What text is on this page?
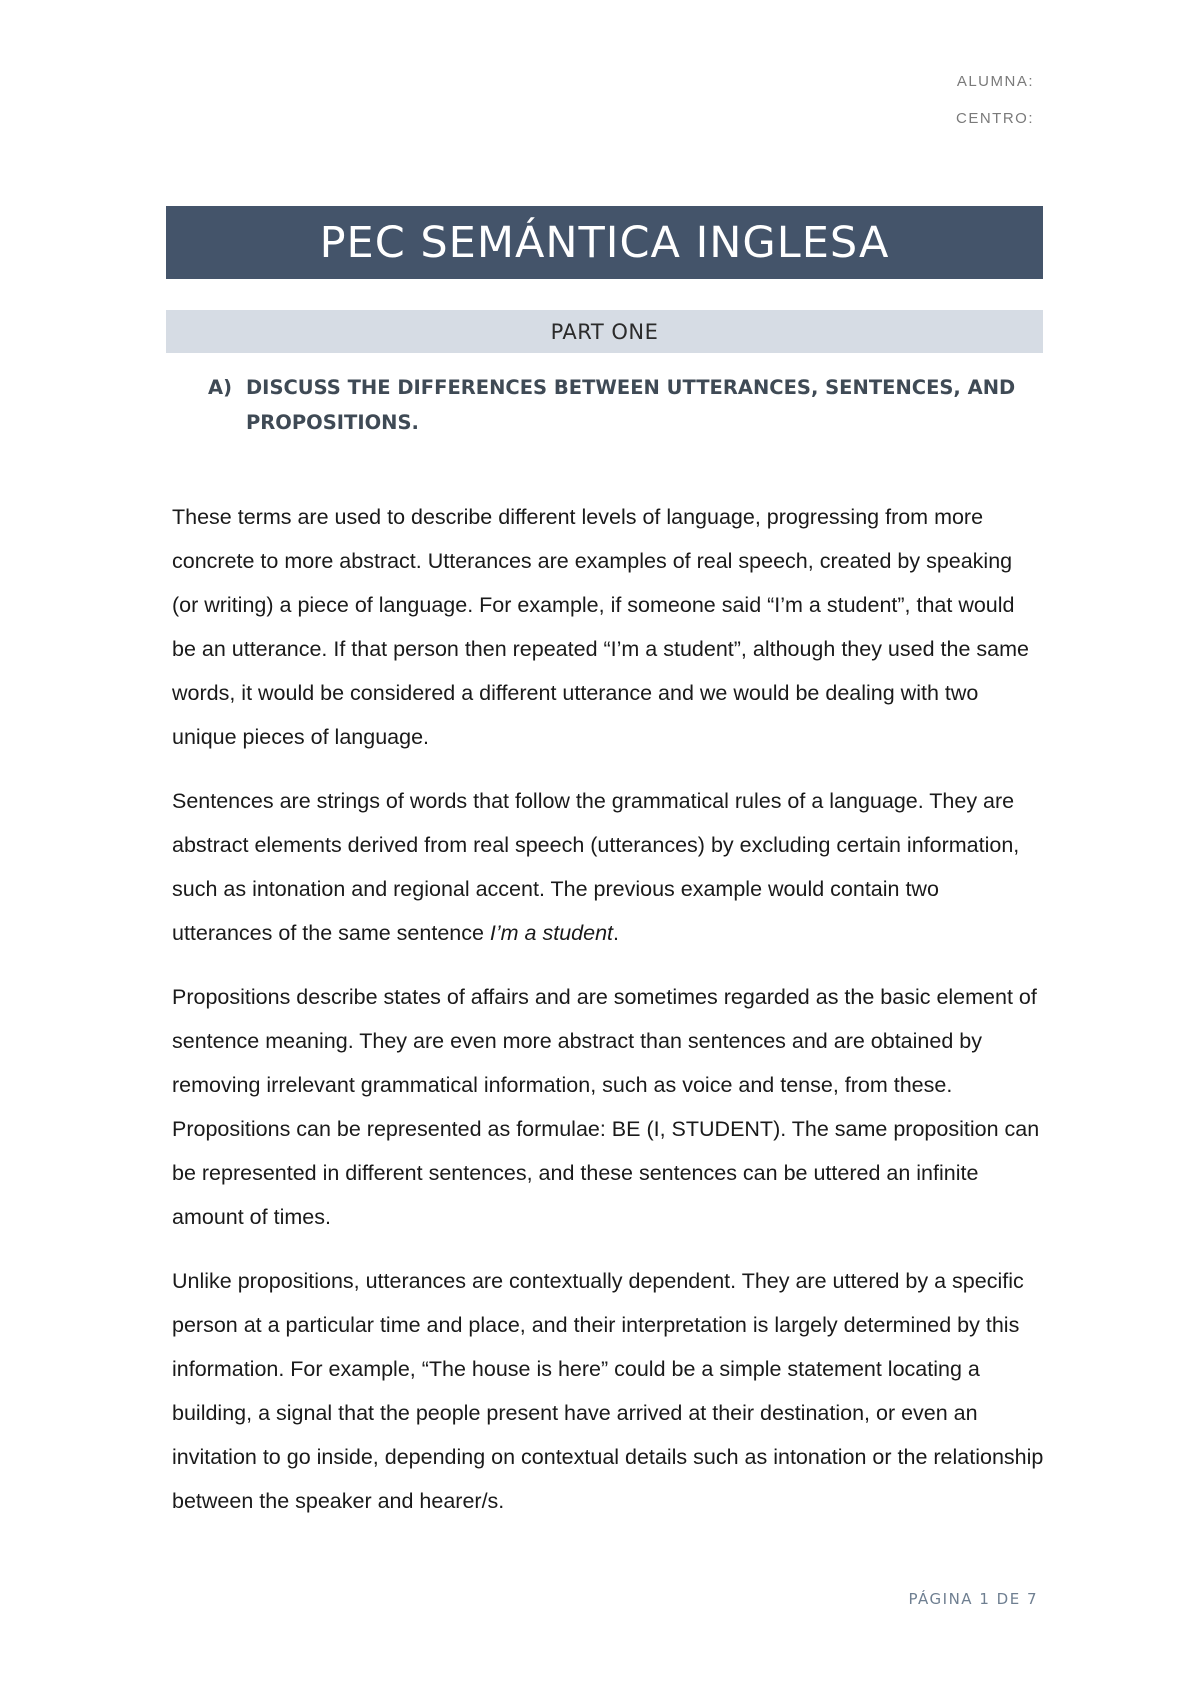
ALUMNA:
CENTRO:
PEC SEMÁNTICA INGLESA
PART ONE
A) DISCUSS THE DIFFERENCES BETWEEN UTTERANCES, SENTENCES, AND PROPOSITIONS.

These terms are used to describe different levels of language, progressing from more concrete to more abstract. Utterances are examples of real speech, created by speaking (or writing) a piece of language. For example, if someone said “I’m a student”, that would be an utterance. If that person then repeated “I’m a student”, although they used the same words, it would be considered a different utterance and we would be dealing with two unique pieces of language.

Sentences are strings of words that follow the grammatical rules of a language. They are abstract elements derived from real speech (utterances) by excluding certain information, such as intonation and regional accent. The previous example would contain two utterances of the same sentence I’m a student.

Propositions describe states of affairs and are sometimes regarded as the basic element of sentence meaning. They are even more abstract than sentences and are obtained by removing irrelevant grammatical information, such as voice and tense, from these. Propositions can be represented as formulae: BE (I, STUDENT). The same proposition can be represented in different sentences, and these sentences can be uttered an infinite amount of times.

Unlike propositions, utterances are contextually dependent. They are uttered by a specific person at a particular time and place, and their interpretation is largely determined by this information. For example, “The house is here” could be a simple statement locating a building, a signal that the people present have arrived at their destination, or even an invitation to go inside, depending on contextual details such as intonation or the relationship between the speaker and hearer/s.

PÁGINA 1 DE 7
